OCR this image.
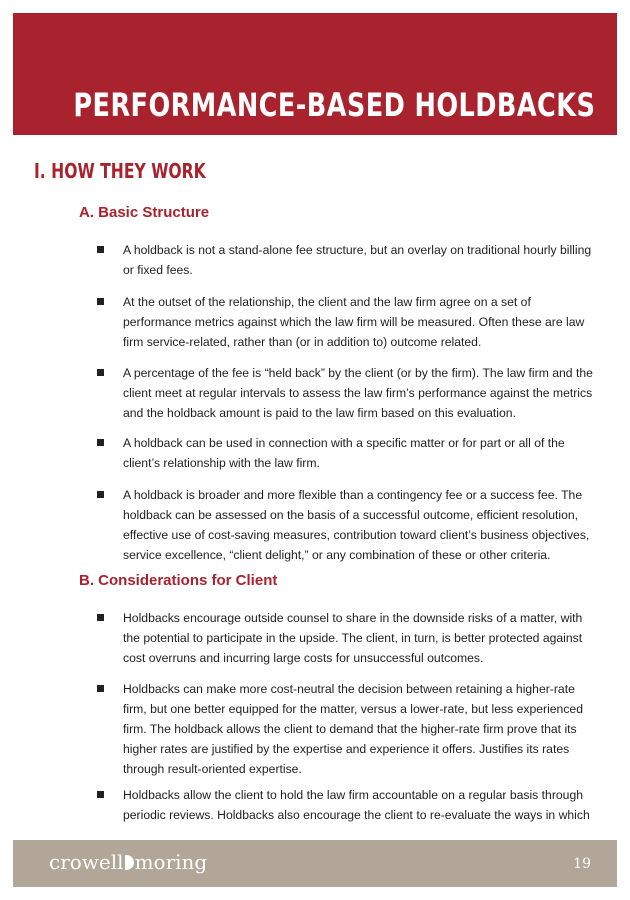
PERFORMANCE-BASED HOLDBACKS
I. HOW THEY WORK
A. Basic Structure
A holdback is not a stand-alone fee structure, but an overlay on traditional hourly billing or fixed fees.
At the outset of the relationship, the client and the law firm agree on a set of performance metrics against which the law firm will be measured. Often these are law firm service-related, rather than (or in addition to) outcome related.
A percentage of the fee is “held back” by the client (or by the firm). The law firm and the client meet at regular intervals to assess the law firm’s performance against the metrics and the holdback amount is paid to the law firm based on this evaluation.
A holdback can be used in connection with a specific matter or for part or all of the client’s relationship with the law firm.
A holdback is broader and more flexible than a contingency fee or a success fee. The holdback can be assessed on the basis of a successful outcome, efficient resolution, effective use of cost-saving measures, contribution toward client’s business objectives, service excellence, “client delight,” or any combination of these or other criteria.
B. Considerations for Client
Holdbacks encourage outside counsel to share in the downside risks of a matter, with the potential to participate in the upside. The client, in turn, is better protected against cost overruns and incurring large costs for unsuccessful outcomes.
Holdbacks can make more cost-neutral the decision between retaining a higher-rate firm, but one better equipped for the matter, versus a lower-rate, but less experienced firm. The holdback allows the client to demand that the higher-rate firm prove that its higher rates are justified by the expertise and experience it offers. Justifies its rates through result-oriented expertise.
Holdbacks allow the client to hold the law firm accountable on a regular basis through periodic reviews. Holdbacks also encourage the client to re-evaluate the ways in which
crowell moring	19
